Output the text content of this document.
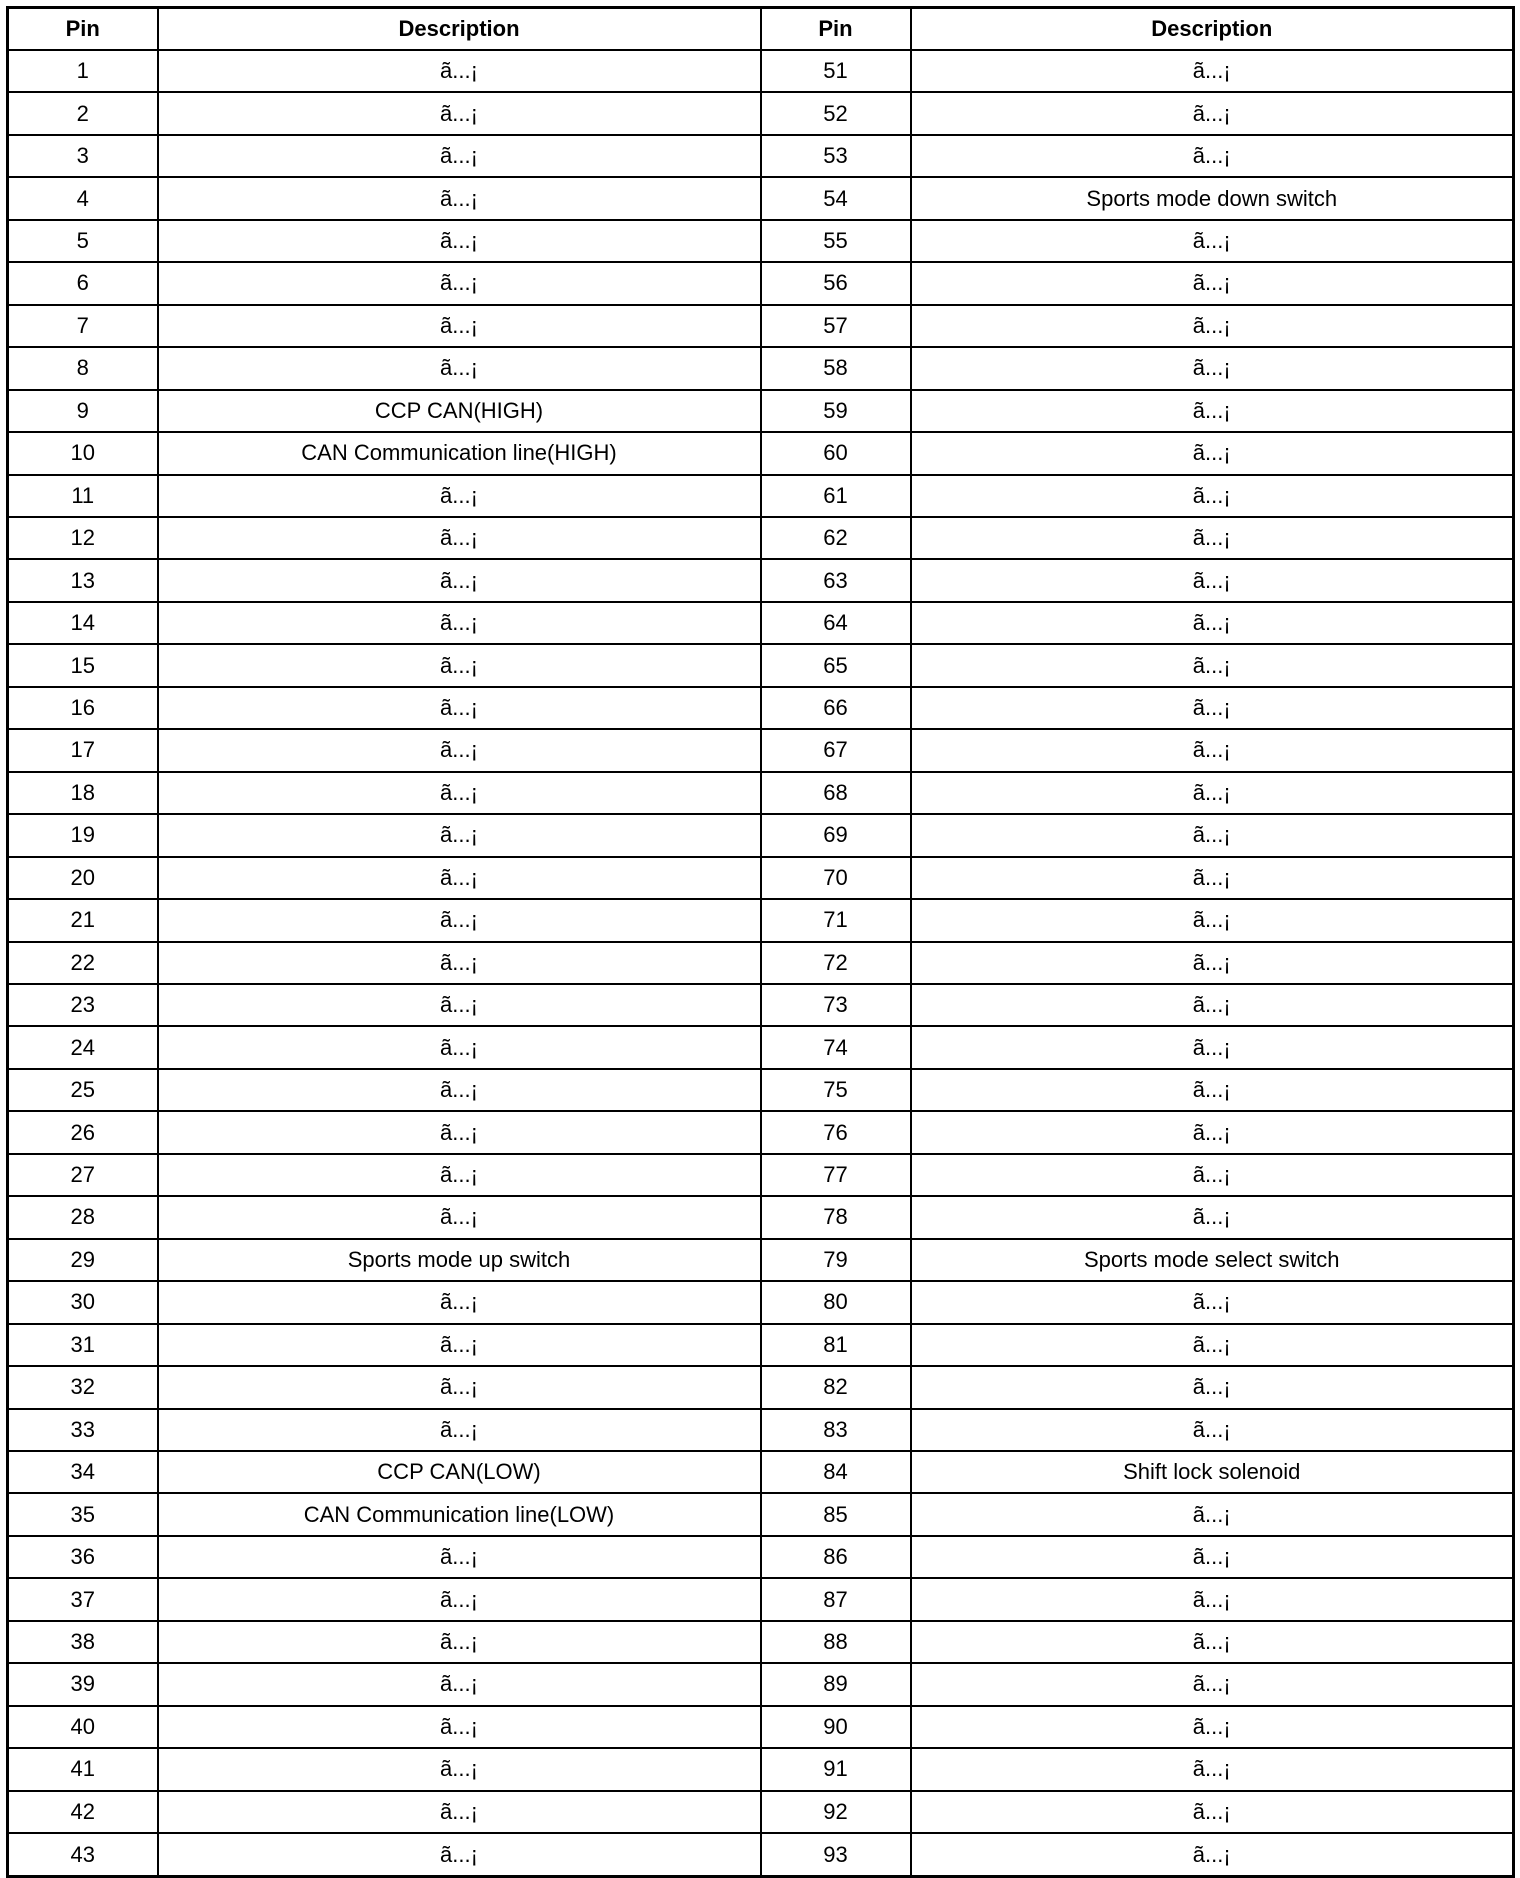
Pin	Description	Pin	Description
1	ã...¡	51	ã...¡
2	ã...¡	52	ã...¡
3	ã...¡	53	ã...¡
4	ã...¡	54	Sports mode down switch
5	ã...¡	55	ã...¡
6	ã...¡	56	ã...¡
7	ã...¡	57	ã...¡
8	ã...¡	58	ã...¡
9	CCP CAN(HIGH)	59	ã...¡
10	CAN Communication line(HIGH)	60	ã...¡
11	ã...¡	61	ã...¡
12	ã...¡	62	ã...¡
13	ã...¡	63	ã...¡
14	ã...¡	64	ã...¡
15	ã...¡	65	ã...¡
16	ã...¡	66	ã...¡
17	ã...¡	67	ã...¡
18	ã...¡	68	ã...¡
19	ã...¡	69	ã...¡
20	ã...¡	70	ã...¡
21	ã...¡	71	ã...¡
22	ã...¡	72	ã...¡
23	ã...¡	73	ã...¡
24	ã...¡	74	ã...¡
25	ã...¡	75	ã...¡
26	ã...¡	76	ã...¡
27	ã...¡	77	ã...¡
28	ã...¡	78	ã...¡
29	Sports mode up switch	79	Sports mode select switch
30	ã...¡	80	ã...¡
31	ã...¡	81	ã...¡
32	ã...¡	82	ã...¡
33	ã...¡	83	ã...¡
34	CCP CAN(LOW)	84	Shift lock solenoid
35	CAN Communication line(LOW)	85	ã...¡
36	ã...¡	86	ã...¡
37	ã...¡	87	ã...¡
38	ã...¡	88	ã...¡
39	ã...¡	89	ã...¡
40	ã...¡	90	ã...¡
41	ã...¡	91	ã...¡
42	ã...¡	92	ã...¡
43	ã...¡	93	ã...¡
